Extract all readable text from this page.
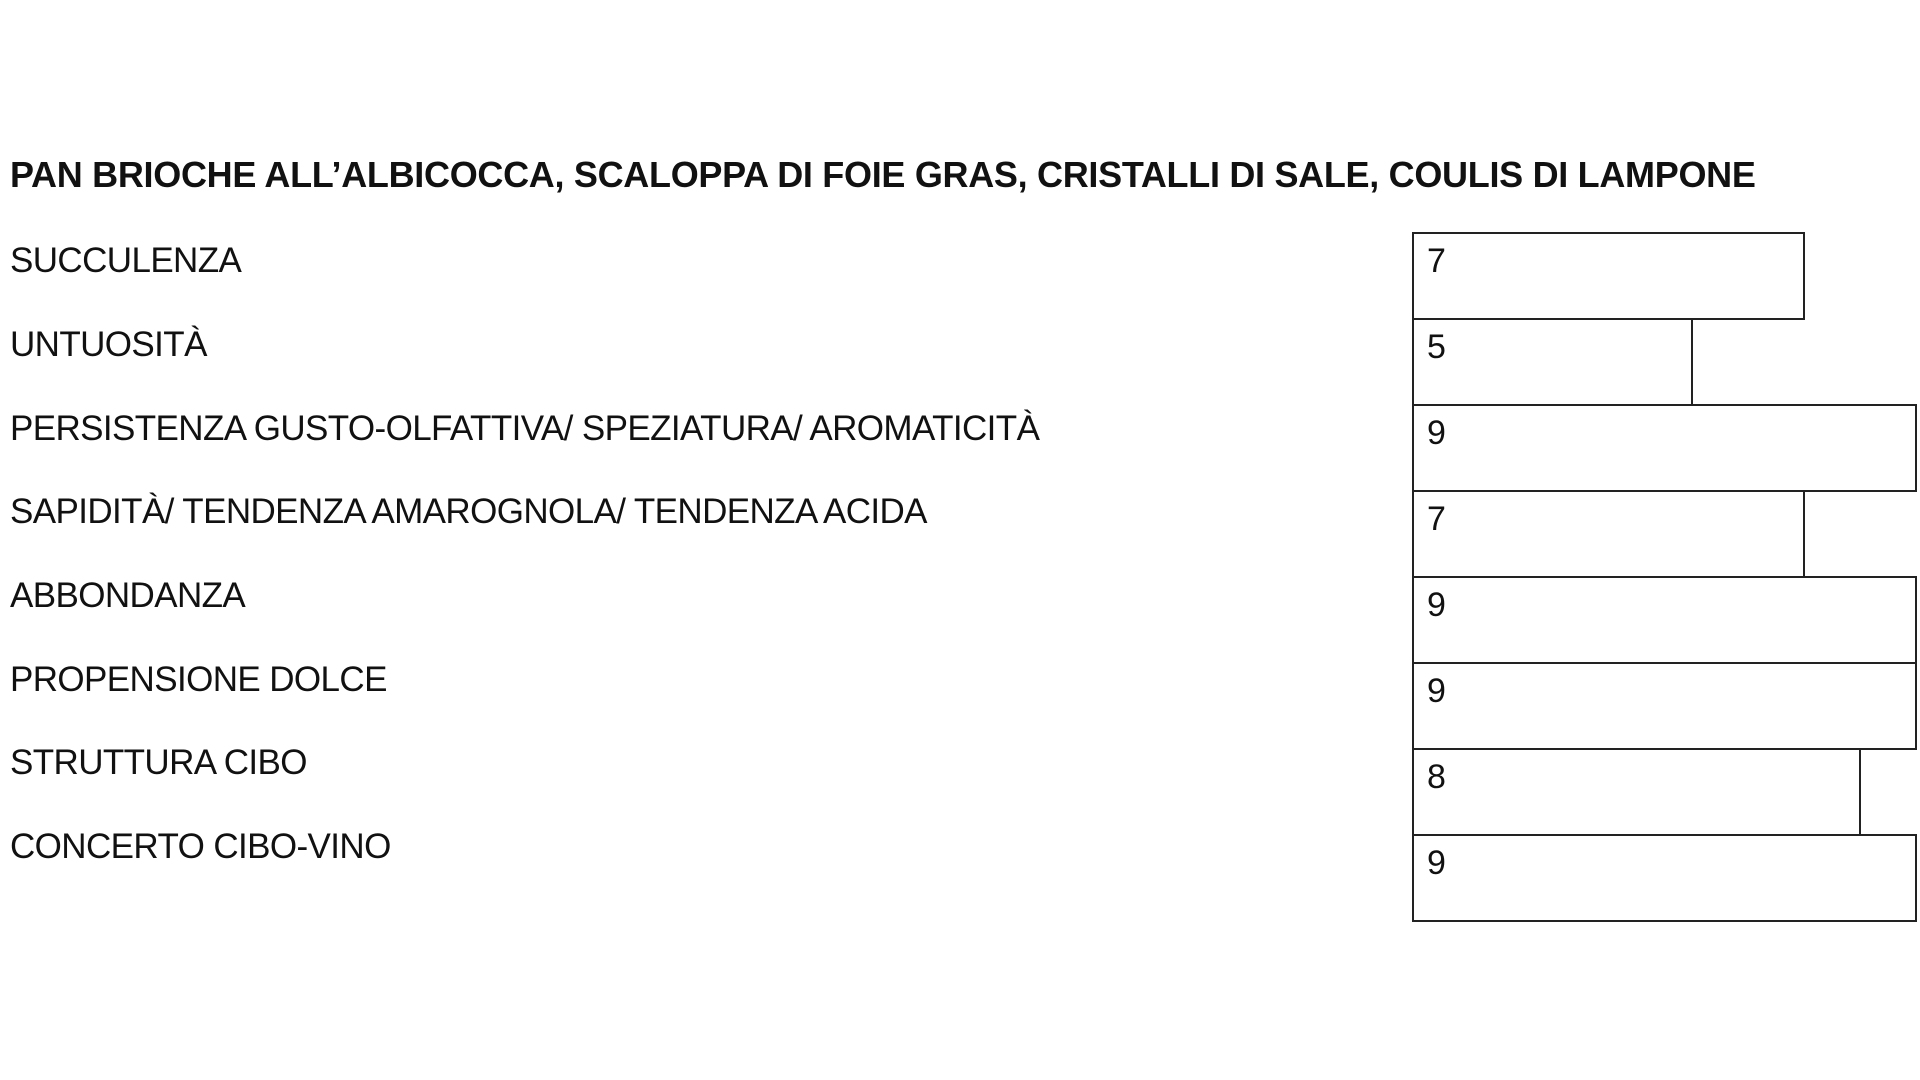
PAN BRIOCHE ALL’ALBICOCCA, SCALOPPA DI FOIE GRAS, CRISTALLI DI SALE, COULIS DI LAMPONE
SUCCULENZA	7
UNTUOSITÀ	5
PERSISTENZA GUSTO-OLFATTIVA/ SPEZIATURA/ AROMATICITÀ	9
SAPIDITÀ/ TENDENZA AMAROGNOLA/ TENDENZA ACIDA	7
ABBONDANZA	9
PROPENSIONE DOLCE	9
STRUTTURA CIBO	8
CONCERTO CIBO-VINO	9
